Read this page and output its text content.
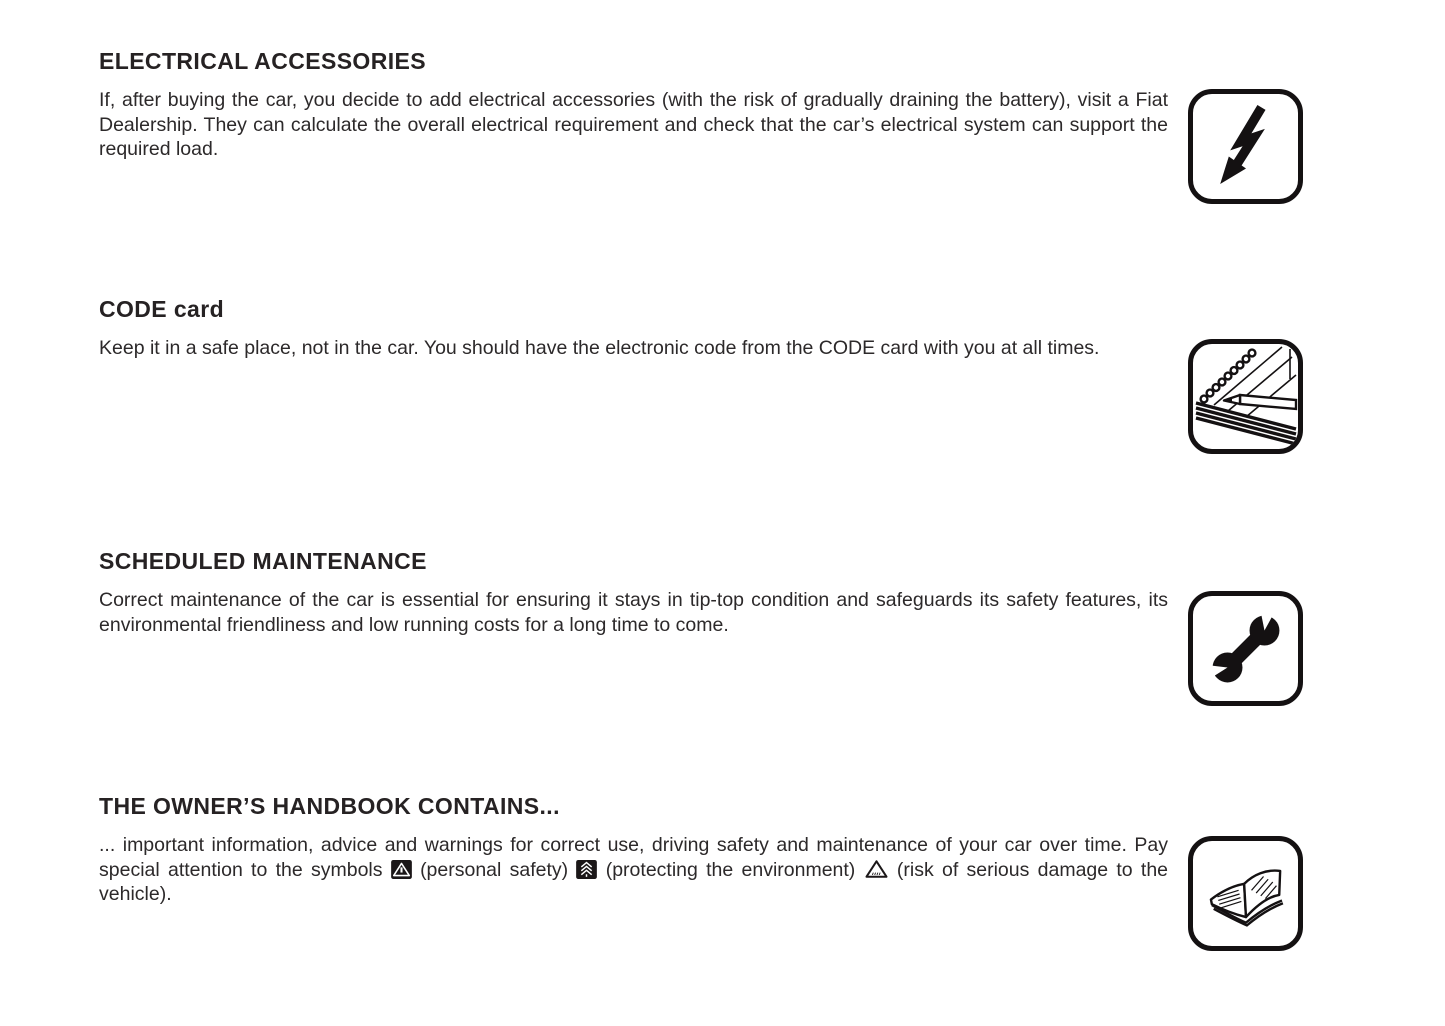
ELECTRICAL ACCESSORIES

If, after buying the car, you decide to add electrical accessories (with the risk of gradually draining the battery), visit a Fiat Dealership. They can calculate the overall electrical requirement and check that the car’s electrical system can support the required load.

CODE card

Keep it in a safe place, not in the car. You should have the electronic code from the CODE card with you at all times.

SCHEDULED MAINTENANCE

Correct maintenance of the car is essential for ensuring it stays in tip-top condition and safeguards its safety features, its environmental friendliness and low running costs for a long time to come.

THE OWNER’S HANDBOOK CONTAINS...

... important information, advice and warnings for correct use, driving safety and maintenance of your car over time. Pay special attention to the symbols (personal safety) (protecting the environment) (risk of serious damage to the vehicle).
